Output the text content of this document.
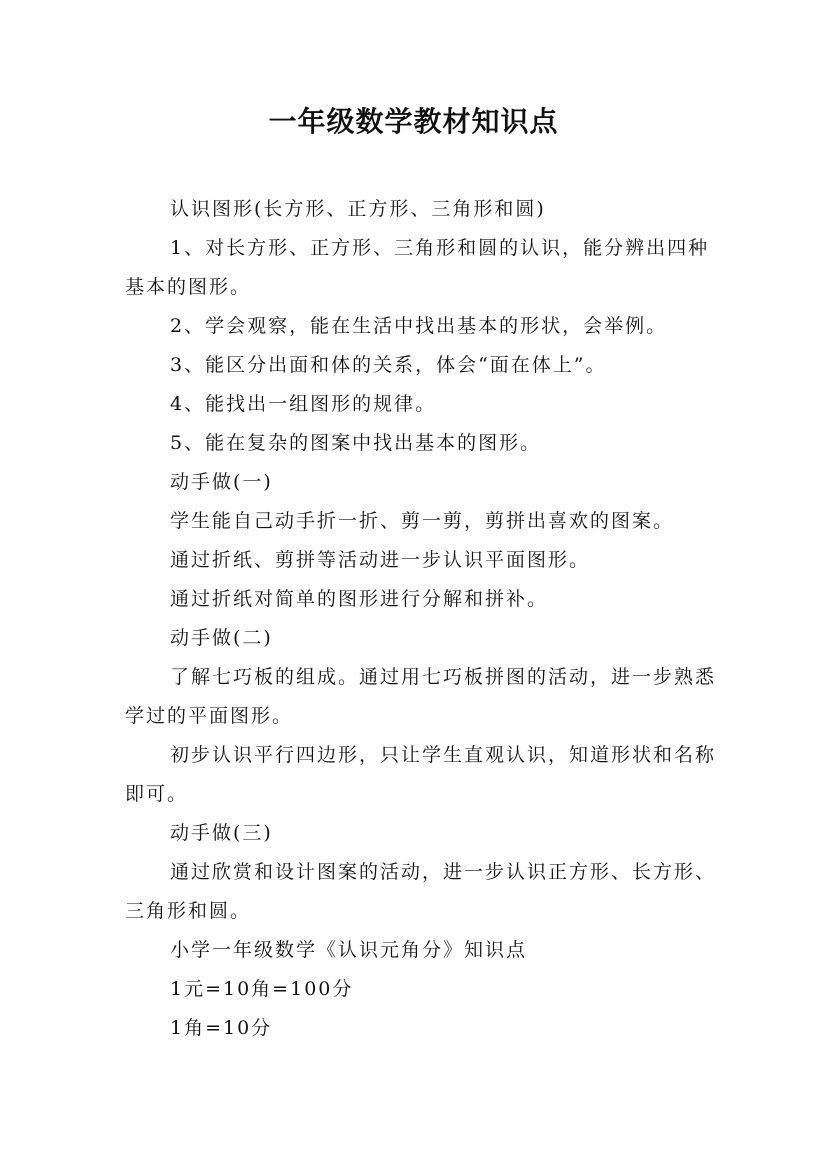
一年级数学教材知识点

认识图形(长方形、正方形、三角形和圆)

1、对长方形、正方形、三角形和圆的认识，能分辨出四种基本的图形。

2、学会观察，能在生活中找出基本的形状，会举例。

3、能区分出面和体的关系，体会“面在体上”。

4、能找出一组图形的规律。

5、能在复杂的图案中找出基本的图形。

动手做(一)

学生能自己动手折一折、剪一剪，剪拼出喜欢的图案。

通过折纸、剪拼等活动进一步认识平面图形。

通过折纸对简单的图形进行分解和拼补。

动手做(二)

了解七巧板的组成。通过用七巧板拼图的活动，进一步熟悉学过的平面图形。

初步认识平行四边形，只让学生直观认识，知道形状和名称即可。

动手做(三)

通过欣赏和设计图案的活动，进一步认识正方形、长方形、三角形和圆。

小学一年级数学《认识元角分》知识点

1元=10角=100分

1角=10分
